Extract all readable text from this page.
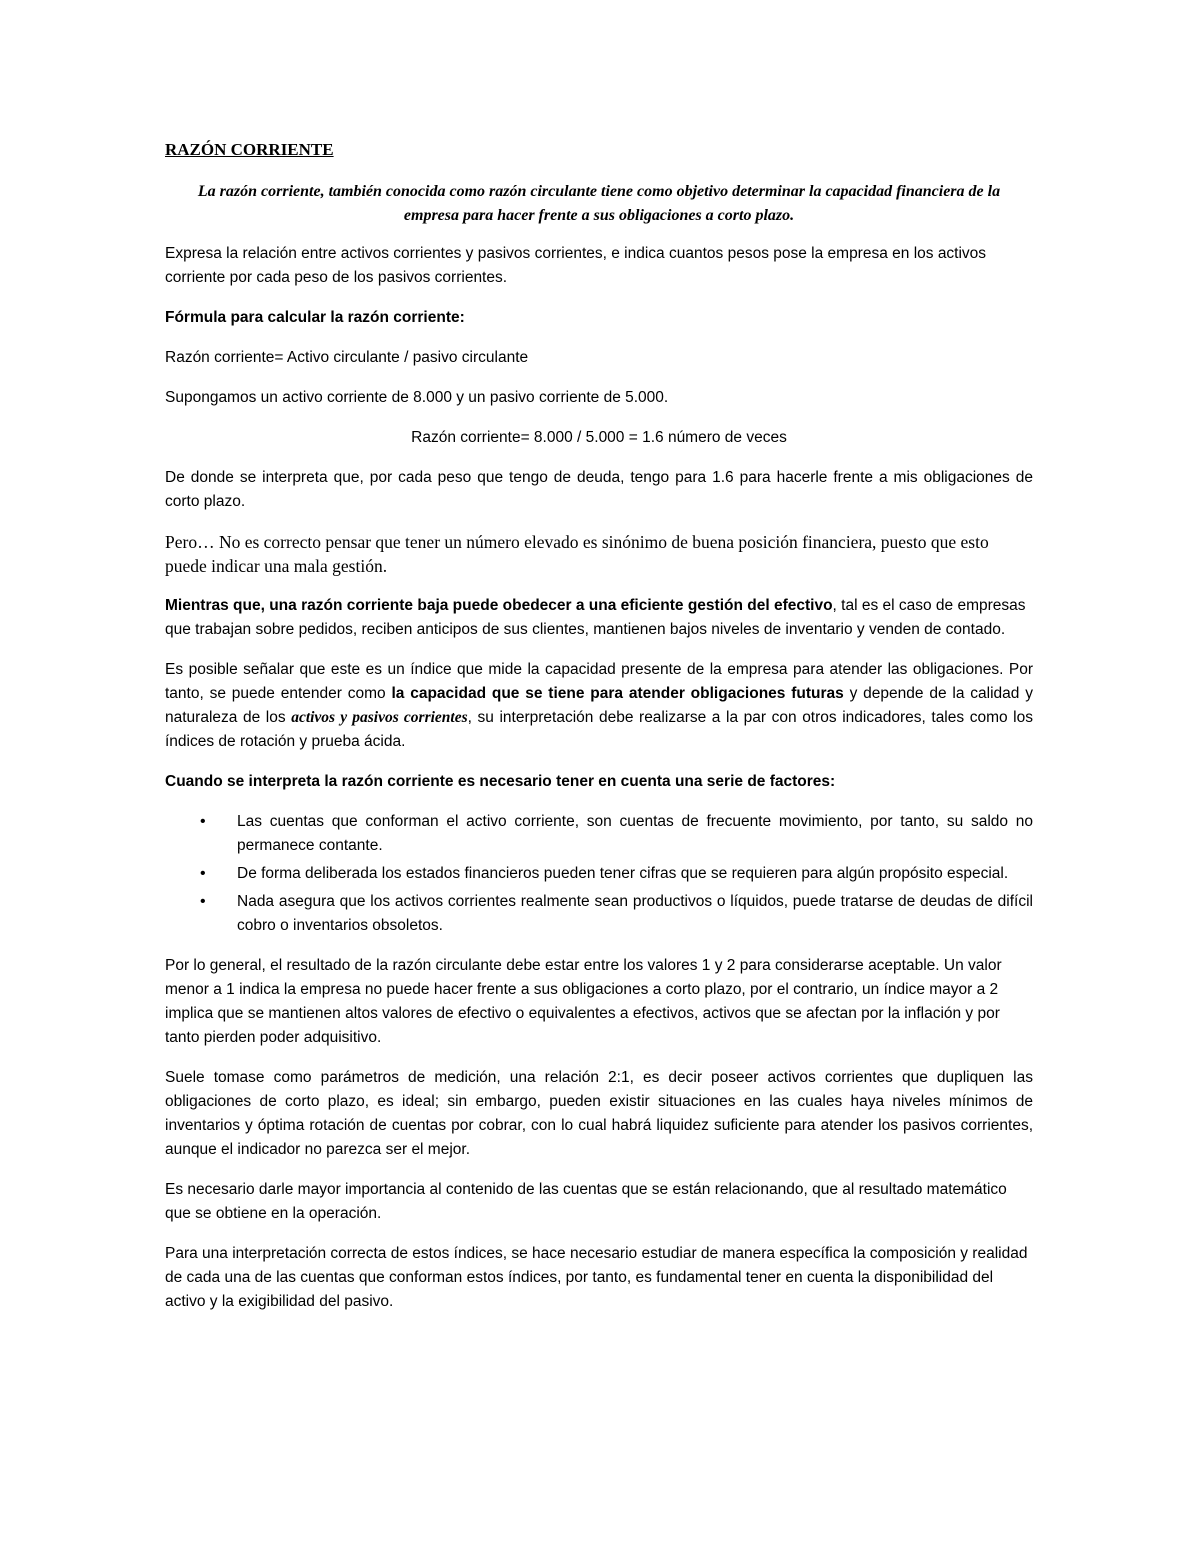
RAZÓN CORRIENTE
La razón corriente, también conocida como razón circulante tiene como objetivo determinar la capacidad financiera de la empresa para hacer frente a sus obligaciones a corto plazo.

Expresa la relación entre activos corrientes y pasivos corrientes, e indica cuantos pesos pose la empresa en los activos corriente por cada peso de los pasivos corrientes.

Fórmula para calcular la razón corriente:

Razón corriente= Activo circulante / pasivo circulante

Supongamos un activo corriente de 8.000 y un pasivo corriente de 5.000.

Razón corriente= 8.000 / 5.000 = 1.6 número de veces

De donde se interpreta que, por cada peso que tengo de deuda, tengo para 1.6 para hacerle frente a mis obligaciones de corto plazo.

Pero… No es correcto pensar que tener un número elevado es sinónimo de buena posición financiera, puesto que esto puede indicar una mala gestión.

Mientras que, una razón corriente baja puede obedecer a una eficiente gestión del efectivo, tal es el caso de empresas que trabajan sobre pedidos, reciben anticipos de sus clientes, mantienen bajos niveles de inventario y venden de contado.

Es posible señalar que este es un índice que mide la capacidad presente de la empresa para atender las obligaciones. Por tanto, se puede entender como la capacidad que se tiene para atender obligaciones futuras y depende de la calidad y naturaleza de los activos y pasivos corrientes, su interpretación debe realizarse a la par con otros indicadores, tales como los índices de rotación y prueba ácida.

Cuando se interpreta la razón corriente es necesario tener en cuenta una serie de factores:

• Las cuentas que conforman el activo corriente, son cuentas de frecuente movimiento, por tanto, su saldo no permanece contante.
• De forma deliberada los estados financieros pueden tener cifras que se requieren para algún propósito especial.
• Nada asegura que los activos corrientes realmente sean productivos o líquidos, puede tratarse de deudas de difícil cobro o inventarios obsoletos.

Por lo general, el resultado de la razón circulante debe estar entre los valores 1 y 2 para considerarse aceptable. Un valor menor a 1 indica la empresa no puede hacer frente a sus obligaciones a corto plazo, por el contrario, un índice mayor a 2 implica que se mantienen altos valores de efectivo o equivalentes a efectivos, activos que se afectan por la inflación y por tanto pierden poder adquisitivo.

Suele tomase como parámetros de medición, una relación 2:1, es decir poseer activos corrientes que dupliquen las obligaciones de corto plazo, es ideal; sin embargo, pueden existir situaciones en las cuales haya niveles mínimos de inventarios y óptima rotación de cuentas por cobrar, con lo cual habrá liquidez suficiente para atender los pasivos corrientes, aunque el indicador no parezca ser el mejor.

Es necesario darle mayor importancia al contenido de las cuentas que se están relacionando, que al resultado matemático que se obtiene en la operación.

Para una interpretación correcta de estos índices, se hace necesario estudiar de manera específica la composición y realidad de cada una de las cuentas que conforman estos índices, por tanto, es fundamental tener en cuenta la disponibilidad del activo y la exigibilidad del pasivo.
